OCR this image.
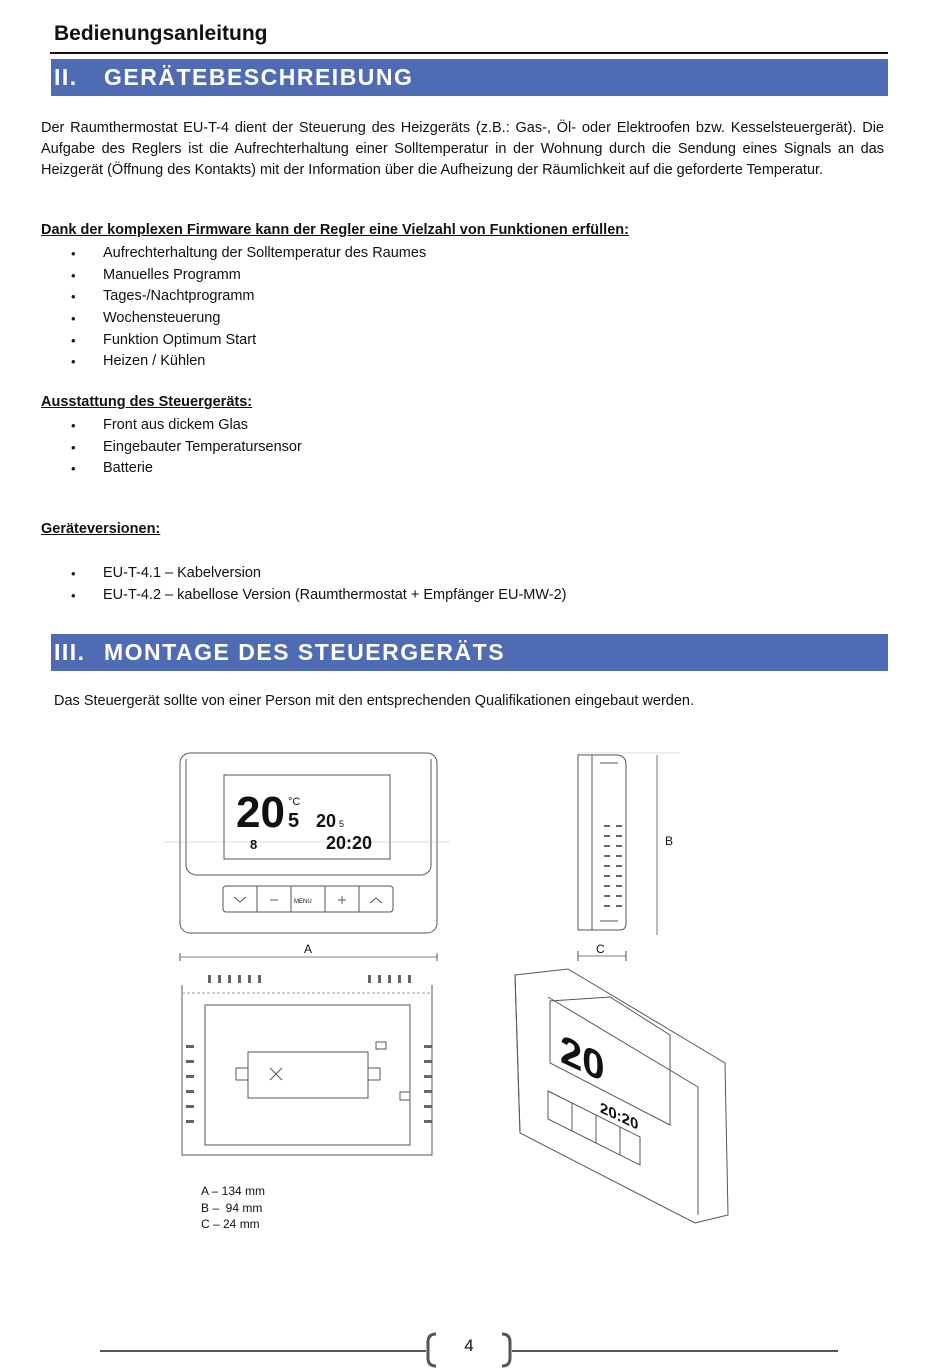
Bedienungsanleitung
II. GERÄTEBESCHREIBUNG
Der Raumthermostat EU-T-4 dient der Steuerung des Heizgeräts (z.B.: Gas-, Öl- oder Elektroofen bzw. Kesselsteuergerät). Die Aufgabe des Reglers ist die Aufrechterhaltung einer Solltemperatur in der Wohnung durch die Sendung eines Signals an das Heizgerät (Öffnung des Kontakts) mit der Information über die Aufheizung der Räumlichkeit auf die geforderte Temperatur.
Dank der komplexen Firmware kann der Regler eine Vielzahl von Funktionen erfüllen:
• Aufrechterhaltung der Solltemperatur des Raumes
• Manuelles Programm
• Tages-/Nachtprogramm
• Wochensteuerung
• Funktion Optimum Start
• Heizen / Kühlen
Ausstattung des Steuergeräts:
• Front aus dickem Glas
• Eingebauter Temperatursensor
• Batterie
Geräteversionen:
• EU-T-4.1 – Kabelversion
• EU-T-4.2 – kabellose Version (Raumthermostat + Empfänger EU-MW-2)
III. MONTAGE DES STEUERGERÄTS
Das Steuergerät sollte von einer Person mit den entsprechenden Qualifikationen eingebaut werden.
20 5
°C
20 5
20:20
8
MENU
A
B
C
20
20:20
A – 134 mm
B –  94 mm
C – 24 mm
4
